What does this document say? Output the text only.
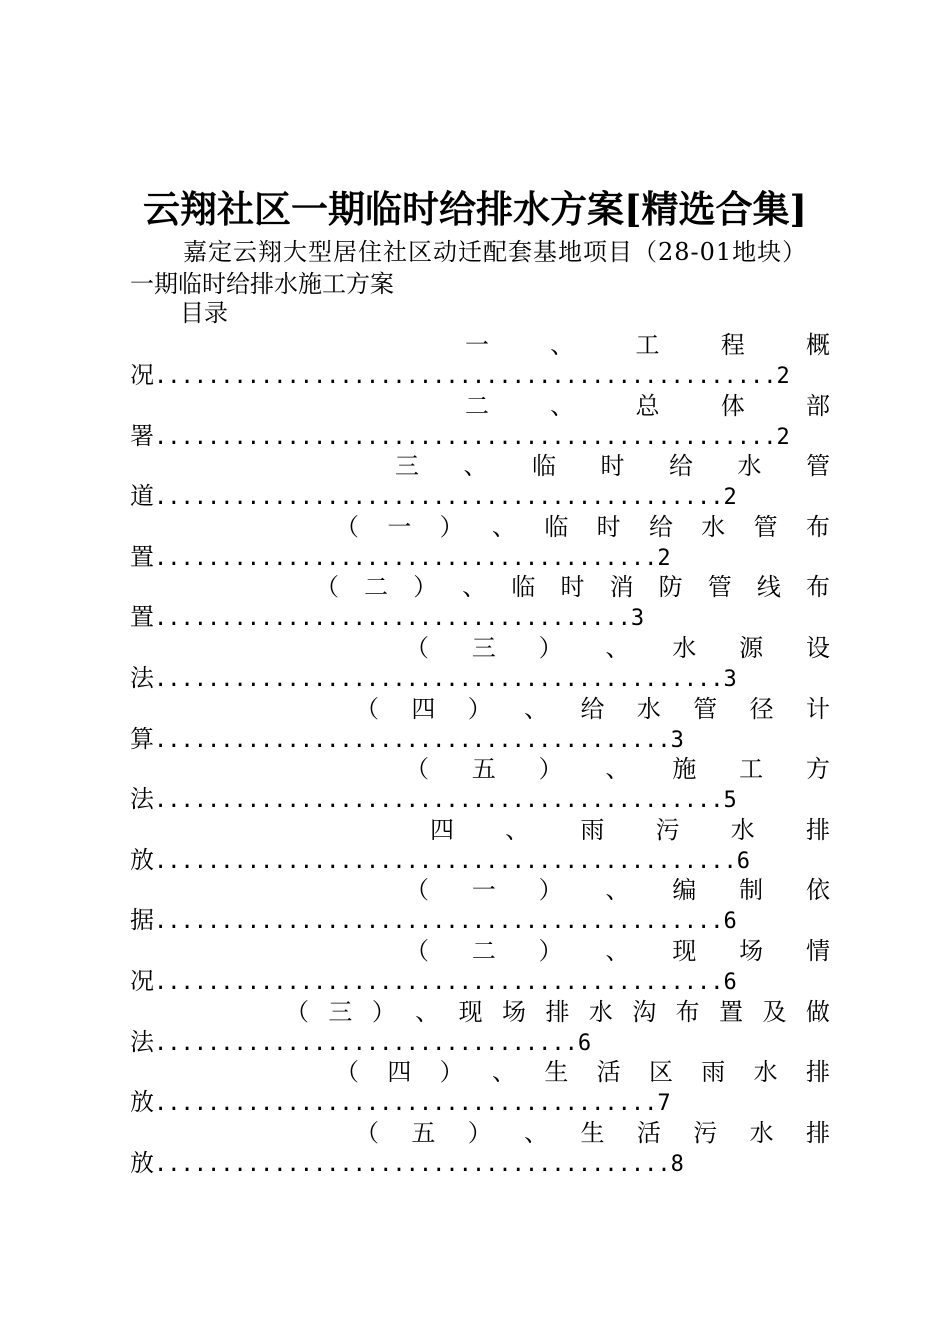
云翔社区一期临时给排水方案[精选合集]
嘉定云翔大型居住社区动迁配套基地项目（28-01地块）
一期临时给排水施工方案
目录
一	、	工	程	概
况...............................................2
二	、	总	体	部
署...............................................2
三 、 临 时 给 水 管
道...........................................2
（ 一 ） 、 临 时 给 水 管 布
置......................................2
（ 二 ） 、 临 时 消 防 管 线 布
置....................................3
（ 三 ） 、 水 源 设
法...........................................3
（ 四 ） 、 给 水 管 径 计
算.......................................3
（ 五 ） 、 施 工 方
法...........................................5
四 、 雨 污 水 排
放............................................6
（ 一 ） 、 编 制 依
据...........................................6
（ 二 ） 、 现 场 情
况...........................................6
（ 三 ） 、 现 场 排 水 沟 布 置 及 做
法................................6
（ 四 ） 、 生 活 区 雨 水 排
放......................................7
（ 五 ） 、 生 活 污 水 排
放.......................................8
